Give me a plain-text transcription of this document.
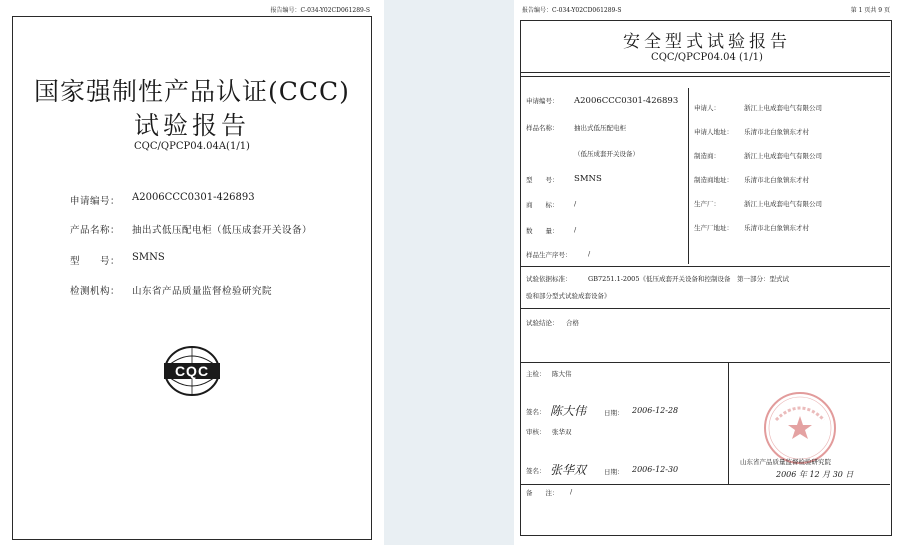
报告编号：C-034-Y02CD061289-S
国家强制性产品认证(CCC)
试验报告
CQC/QPCP04.04A(1/1)
申请编号： A2006CCC0301-426893
产品名称： 抽出式低压配电柜（低压成套开关设备）
型　　号： SMNS
检测机构： 山东省产品质量监督检验研究院
CQC
报告编号：C-034-Y02CD061289-S	第 1 页共 9 页
安全型式试验报告
CQC/QPCP04.04 (1/1)
申请编号： A2006CCC0301-426893
样品名称： 抽出式低压配电柜
（低压成套开关设备）
型　　号： SMNS
商　　标： /
数　　量： /
样品生产序号：	/
申请人：	浙江上电成套电气有限公司
申请人地址： 乐清市北白象镇东才村
制造商：	浙江上电成套电气有限公司
制造商地址： 乐清市北白象镇东才村
生产厂：	浙江上电成套电气有限公司
生产厂地址： 乐清市北白象镇东才村
试验依据标准：	GB7251.1-2005《低压成套开关设备和控制设备　第一部分：型式试
验和部分型式试验成套设备》
试验结论： 合格
主检： 陈大伟
签名： 陈大伟	日期： 2006-12-28
审核： 张华双
签名： 张华双	日期： 2006-12-30
山东省产品质量监督检验研究院
2006 年 12 月 30 日
备　　注： /
